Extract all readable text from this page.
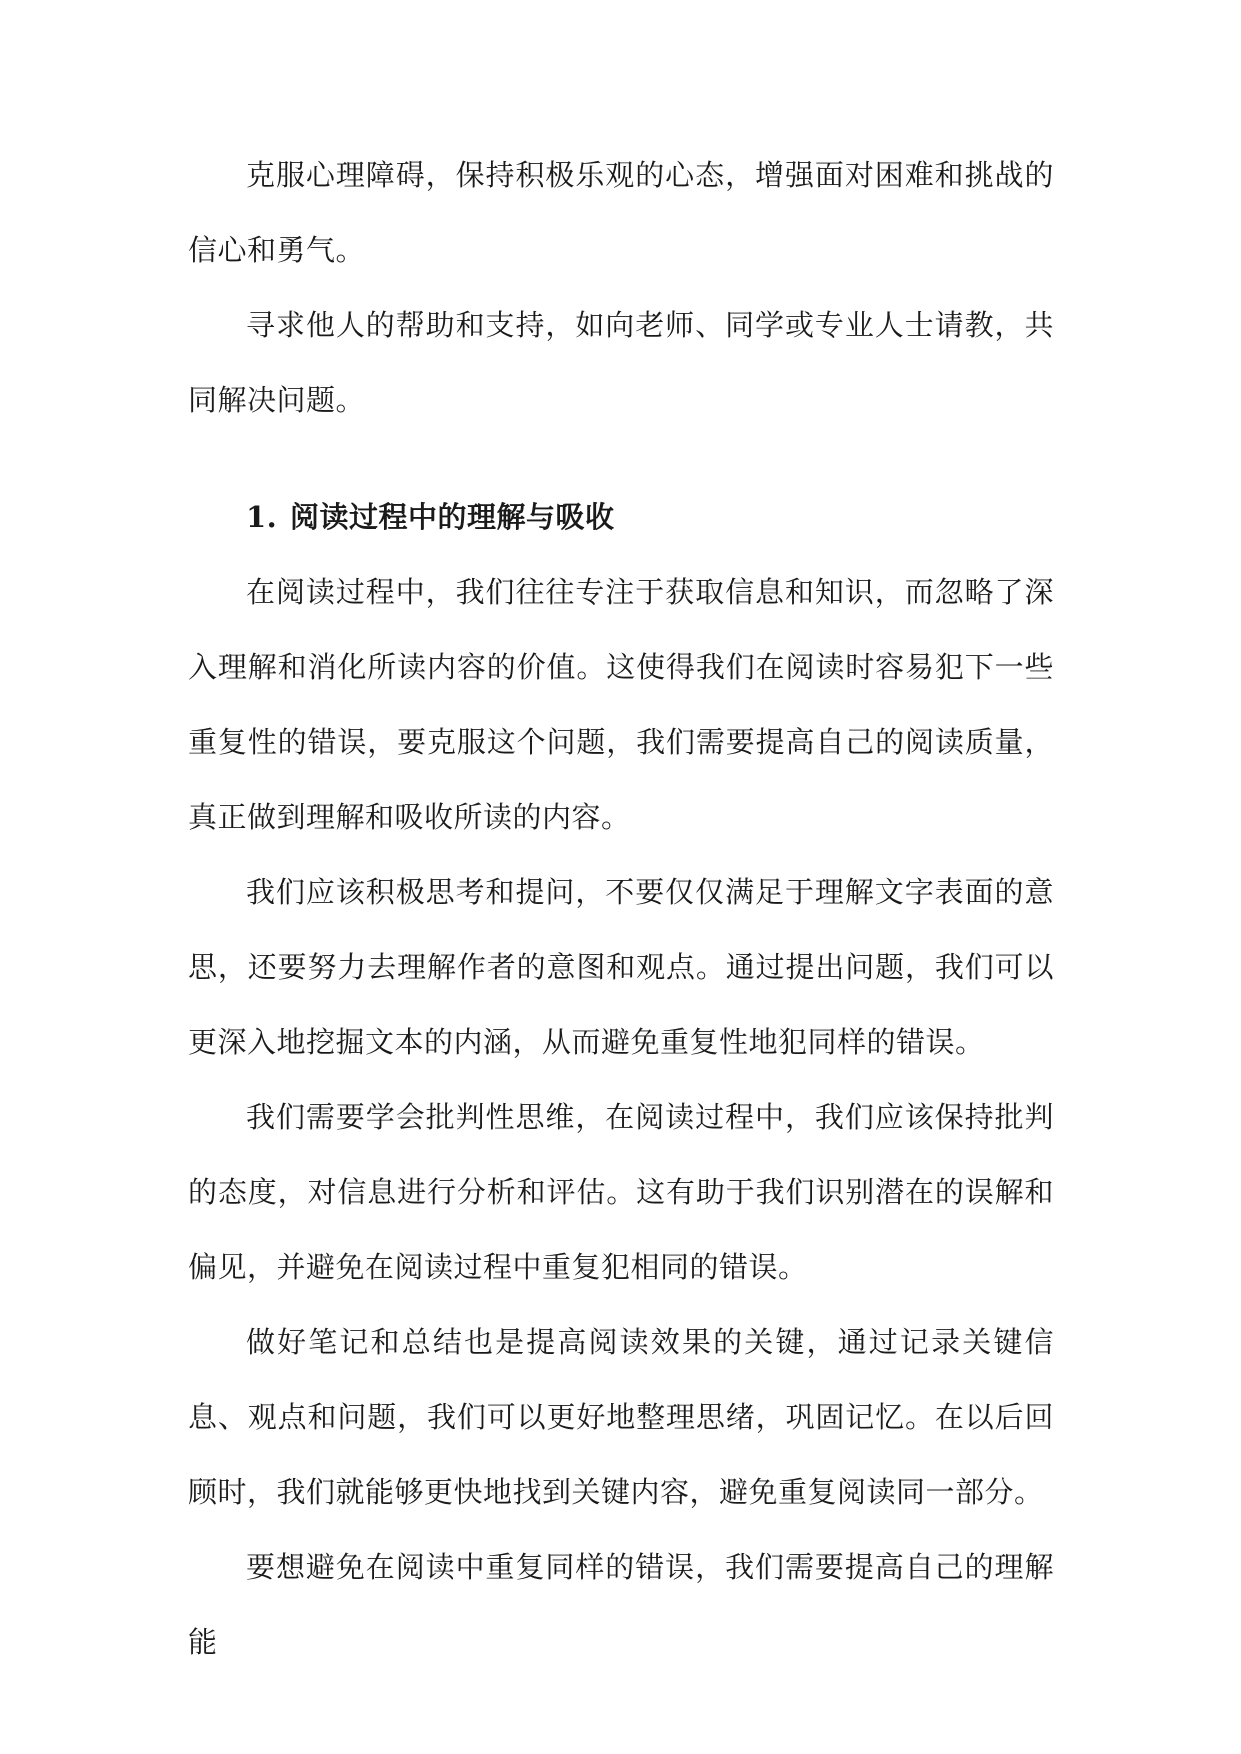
克服心理障碍，保持积极乐观的心态，增强面对困难和挑战的信心和勇气。

寻求他人的帮助和支持，如向老师、同学或专业人士请教，共同解决问题。

1. 阅读过程中的理解与吸收

在阅读过程中，我们往往专注于获取信息和知识，而忽略了深入理解和消化所读内容的价值。这使得我们在阅读时容易犯下一些重复性的错误，要克服这个问题，我们需要提高自己的阅读质量，真正做到理解和吸收所读的内容。

我们应该积极思考和提问，不要仅仅满足于理解文字表面的意思，还要努力去理解作者的意图和观点。通过提出问题，我们可以更深入地挖掘文本的内涵，从而避免重复性地犯同样的错误。

我们需要学会批判性思维，在阅读过程中，我们应该保持批判的态度，对信息进行分析和评估。这有助于我们识别潜在的误解和偏见，并避免在阅读过程中重复犯相同的错误。

做好笔记和总结也是提高阅读效果的关键，通过记录关键信息、观点和问题，我们可以更好地整理思绪，巩固记忆。在以后回顾时，我们就能够更快地找到关键内容，避免重复阅读同一部分。

要想避免在阅读中重复同样的错误，我们需要提高自己的理解能
